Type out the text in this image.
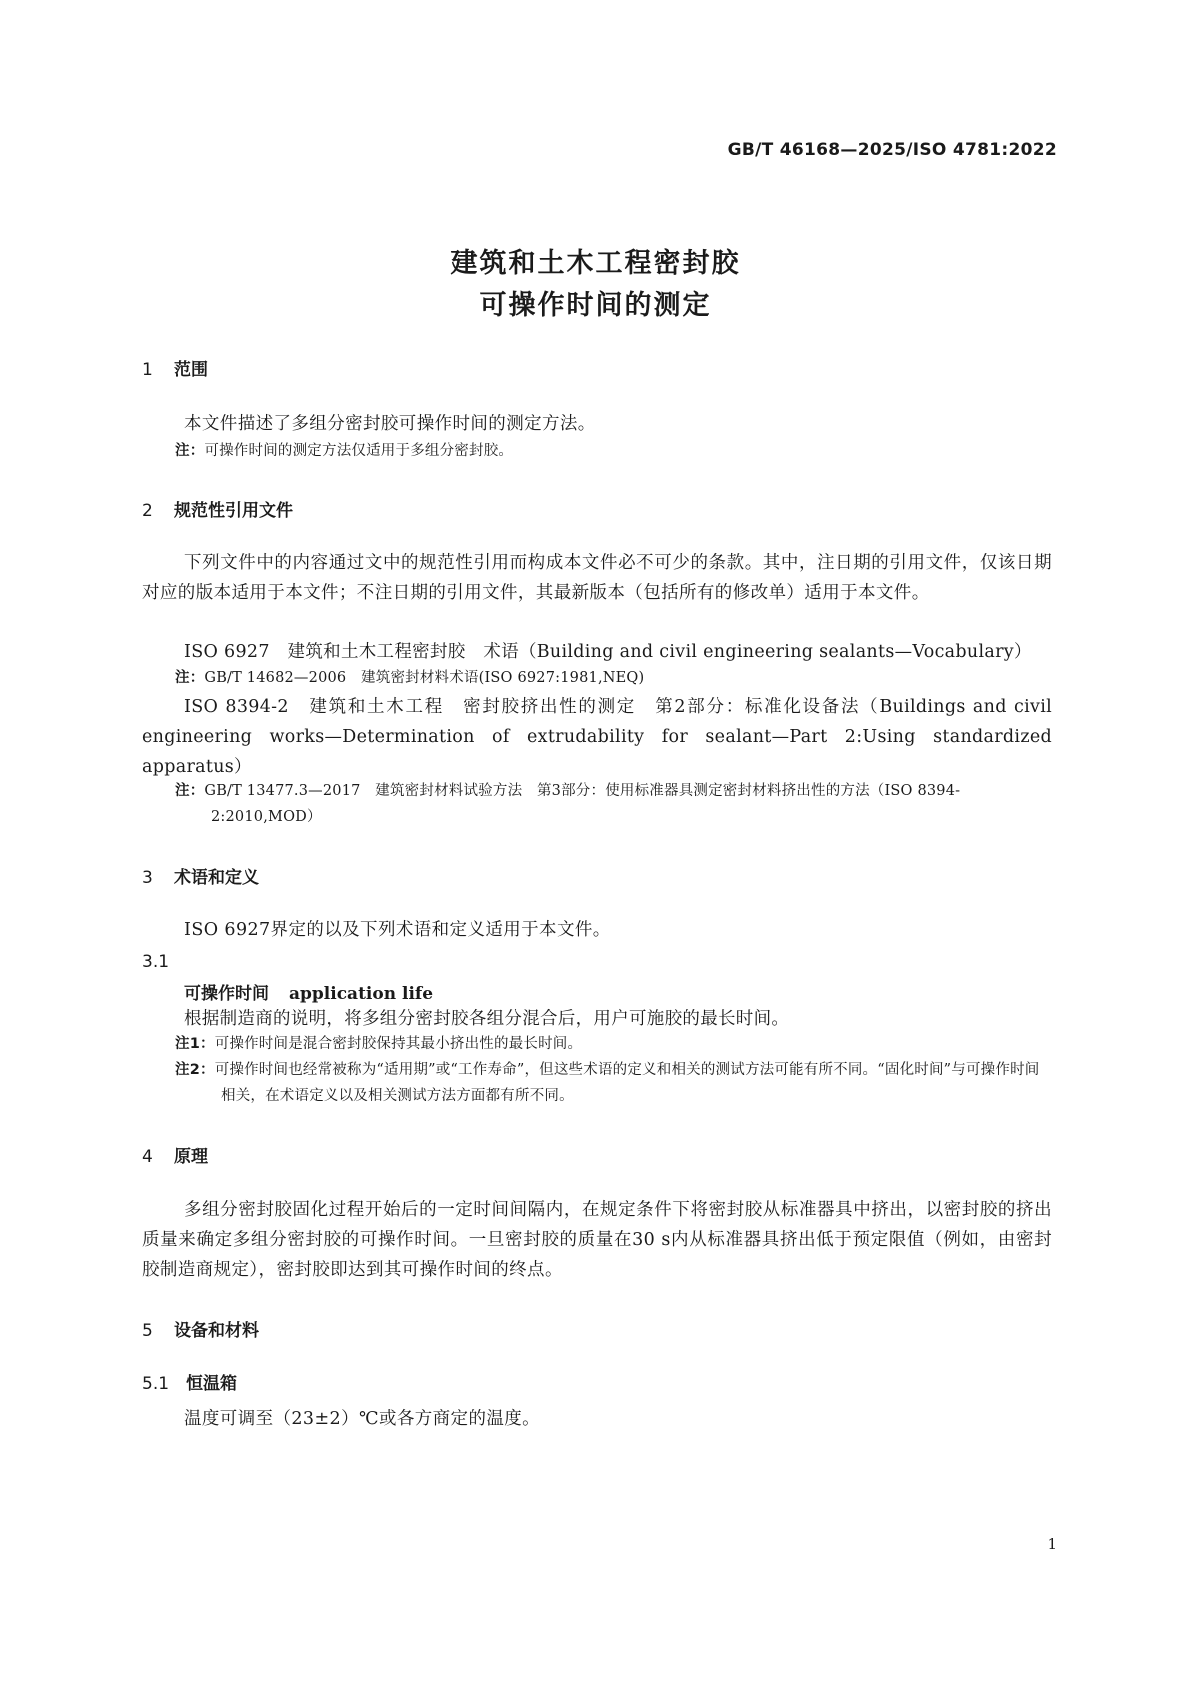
GB/T 46168—2025/ISO 4781:2022
建筑和土木工程密封胶
可操作时间的测定
1 范围

本文件描述了多组分密封胶可操作时间的测定方法。

注：可操作时间的测定方法仅适用于多组分密封胶。

2 规范性引用文件

下列文件中的内容通过文中的规范性引用而构成本文件必不可少的条款。其中，注日期的引用文件，仅该日期对应的版本适用于本文件；不注日期的引用文件，其最新版本（包括所有的修改单）适用于本文件。

ISO 6927　建筑和土木工程密封胶　术语（Building and civil engineering sealants—Vocabulary）

注：GB/T 14682—2006　建筑密封材料术语(ISO 6927:1981,NEQ)

ISO 8394-2　建筑和土木工程　密封胶挤出性的测定　第2部分：标准化设备法（Buildings and civil engineering works—Determination of extrudability for sealant—Part 2:Using standardized apparatus）

注：GB/T 13477.3—2017　建筑密封材料试验方法　第3部分：使用标准器具测定密封材料挤出性的方法（ISO 8394-2:2010,MOD）

3 术语和定义

ISO 6927界定的以及下列术语和定义适用于本文件。

3.1
可操作时间 application life

根据制造商的说明，将多组分密封胶各组分混合后，用户可施胶的最长时间。

注1：可操作时间是混合密封胶保持其最小挤出性的最长时间。

注2：可操作时间也经常被称为“适用期”或“工作寿命”，但这些术语的定义和相关的测试方法可能有所不同。“固化时间”与可操作时间相关，在术语定义以及相关测试方法方面都有所不同。

4 原理

多组分密封胶固化过程开始后的一定时间间隔内，在规定条件下将密封胶从标准器具中挤出，以密封胶的挤出质量来确定多组分密封胶的可操作时间。一旦密封胶的质量在30 s内从标准器具挤出低于预定限值（例如，由密封胶制造商规定），密封胶即达到其可操作时间的终点。

5 设备和材料
5.1 恒温箱

温度可调至（23±2）℃或各方商定的温度。

1
